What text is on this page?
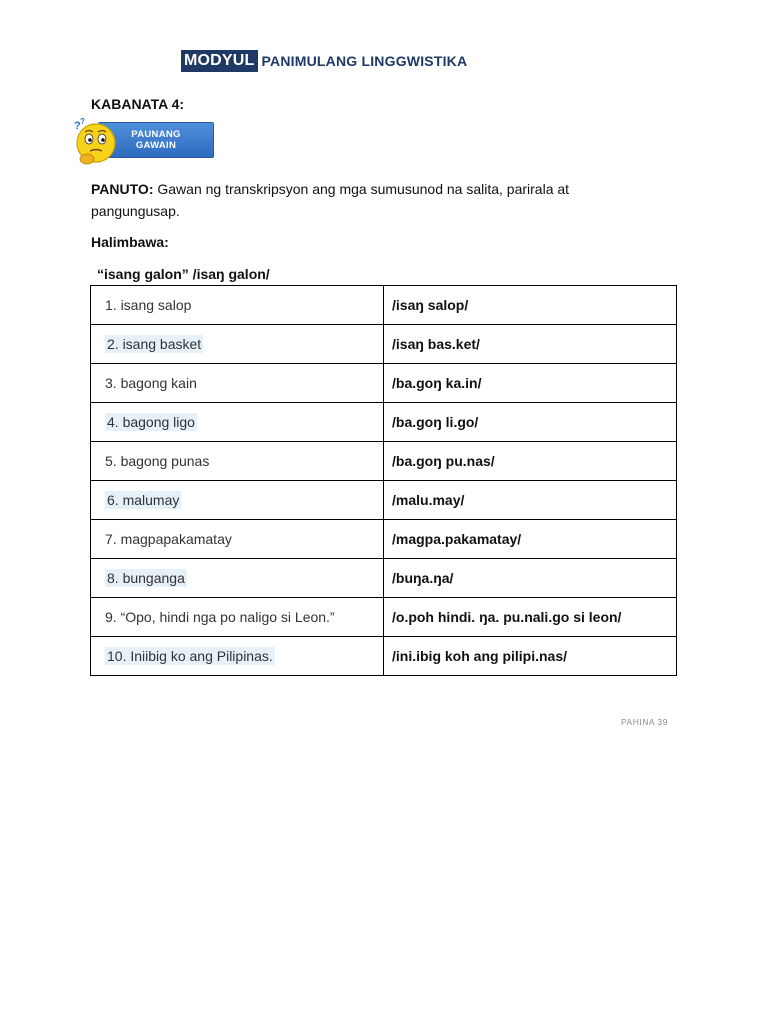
MODYUL PANIMULANG LINGGWISTIKA
KABANATA 4:
PAUNANG
GAWAIN
? ?
PANUTO: Gawan ng transkripsyon ang mga sumusunod na salita, parirala at pangungusap.
Halimbawa:
“isang galon” /isaŋ galon/
1. isang salop	/isaŋ salop/
2. isang basket	/isaŋ bas.ket/
3. bagong kain	/ba.goŋ ka.in/
4. bagong ligo	/ba.goŋ li.go/
5. bagong punas	/ba.goŋ pu.nas/
6. malumay	/malu.may/
7. magpapakamatay	/magpa.pakamatay/
8. bunganga	/buŋa.ŋa/
9. “Opo, hindi nga po naligo si Leon.”	/o.poh hindi. ŋa. pu.nali.go si leon/
10. Iniibig ko ang Pilipinas.	/ini.ibig koh ang pilipi.nas/
PAHINA 39
